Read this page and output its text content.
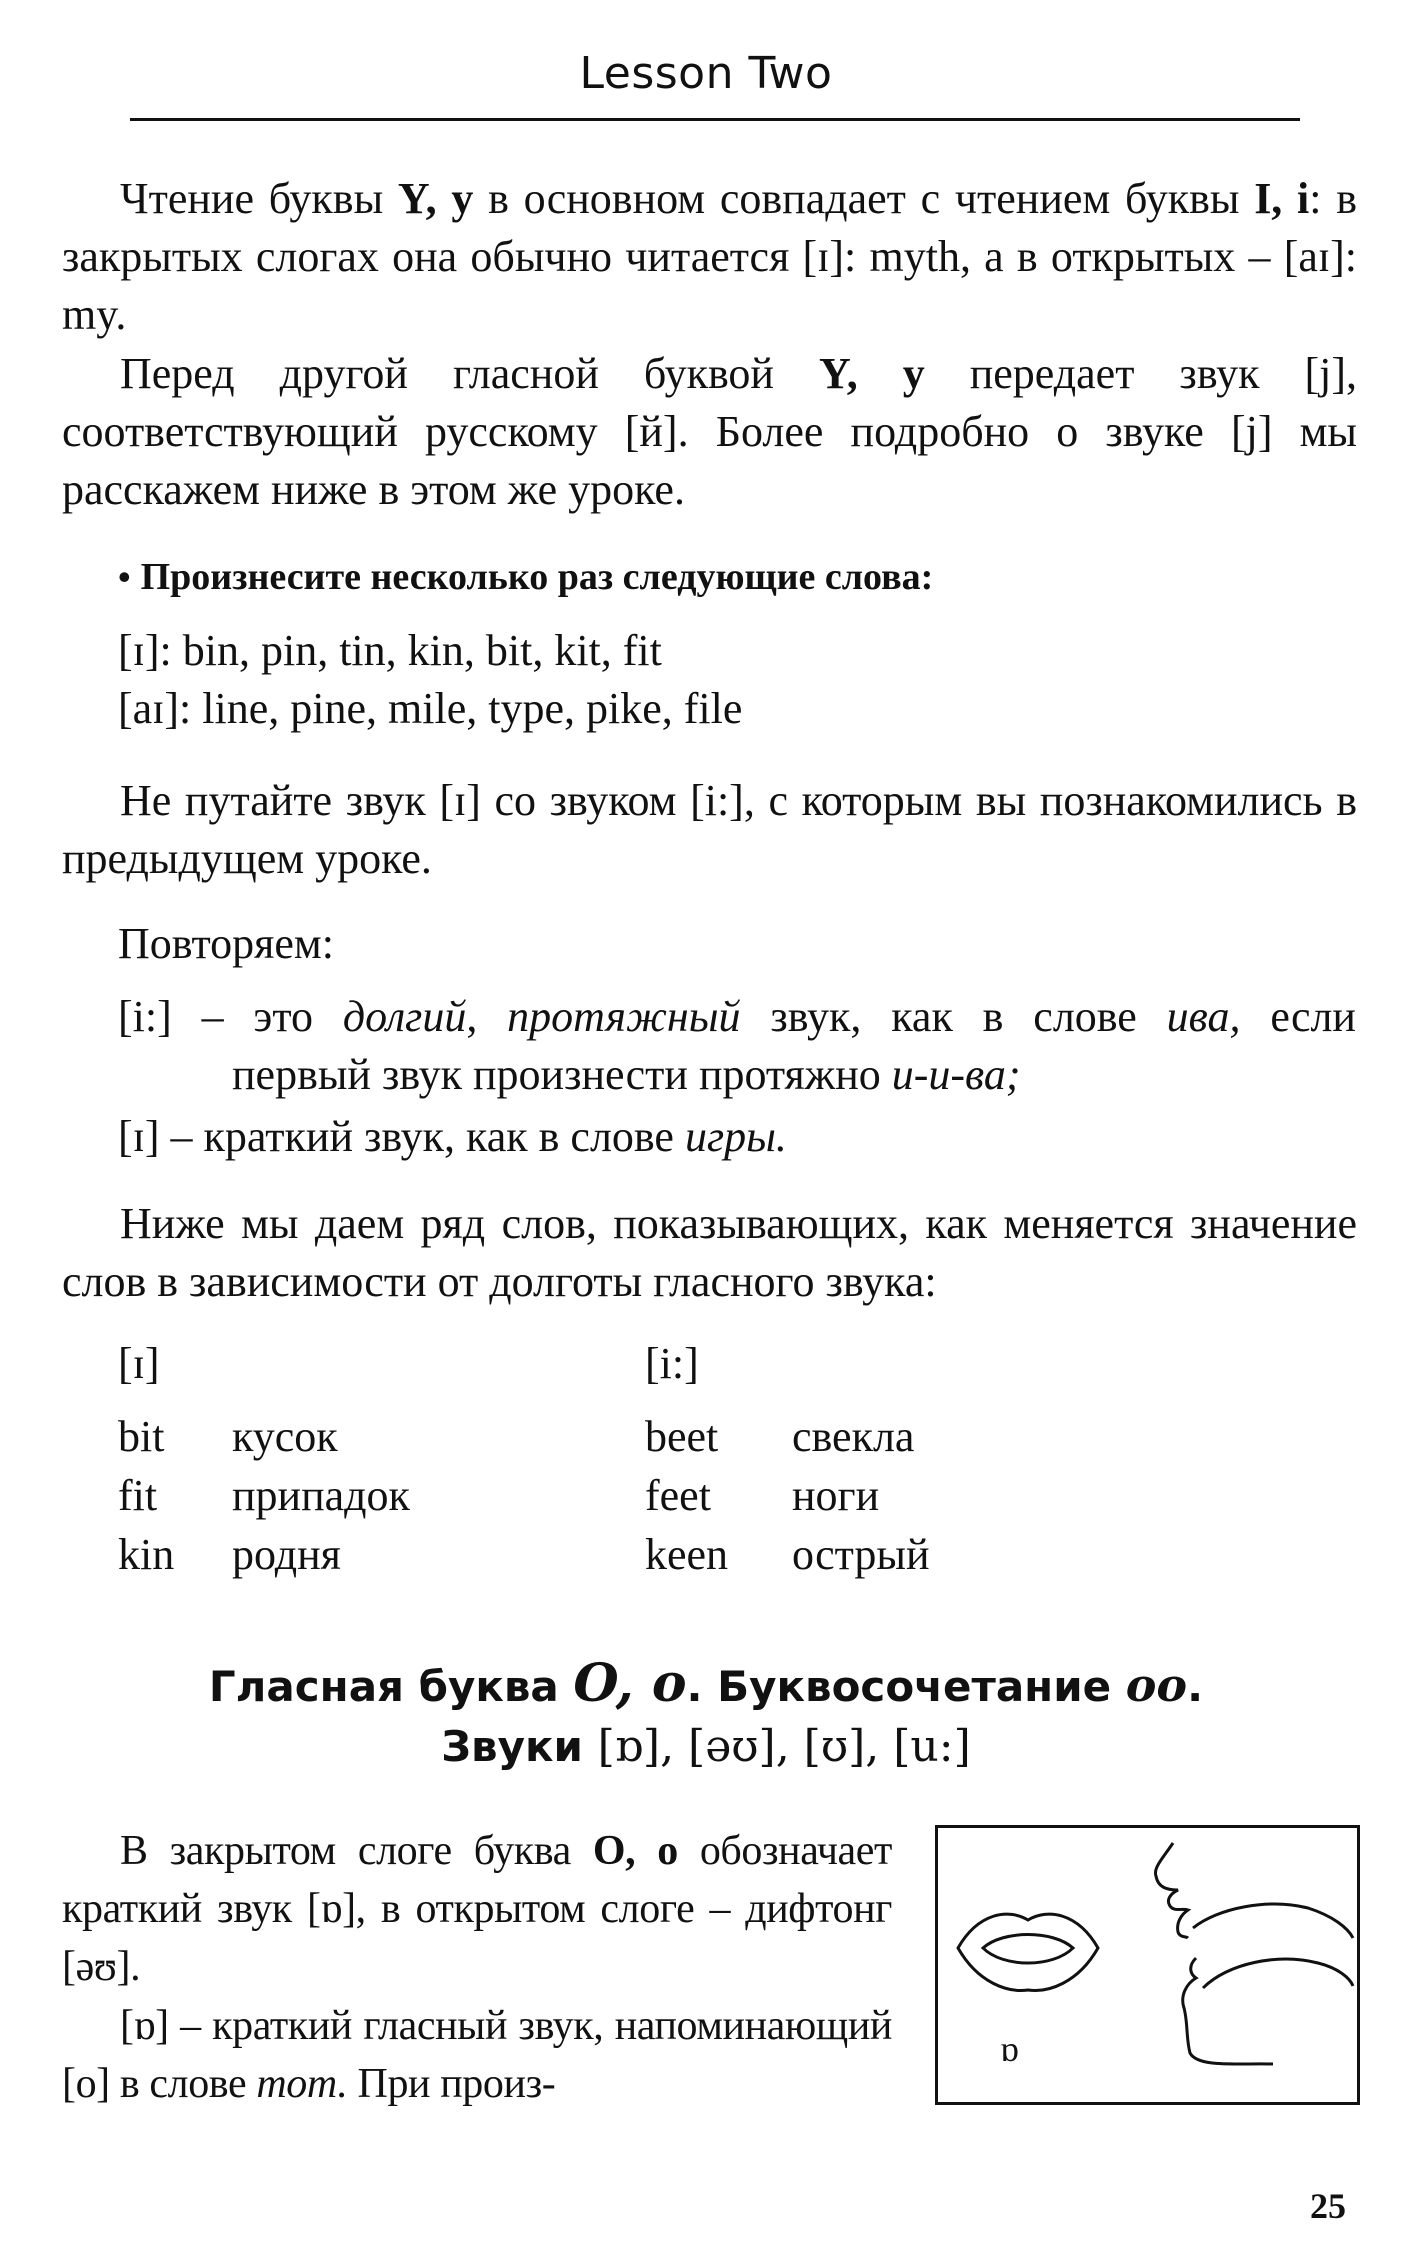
Lesson Two

Чтение буквы Y, y в основном совпадает с чтением буквы I, i: в закрытых слогах она обычно читается [ɪ]: myth, а в открытых – [aɪ]: my.

Перед другой гласной буквой Y, y передает звук [j], соответствующий русскому [й]. Более подробно о звуке [j] мы расскажем ниже в этом же уроке.

• Произнесите несколько раз следующие слова:
[ɪ]: bin, pin, tin, kin, bit, kit, fit
[aɪ]: line, pine, mile, type, pike, file

Не путайте звук [ɪ] со звуком [i:], с которым вы познакомились в предыдущем уроке.

Повторяем:
[i:] – это долгий, протяжный звук, как в слове ива, если
первый звук произнести протяжно и-и-ва;
[ɪ] – краткий звук, как в слове игры.

Ниже мы даем ряд слов, показывающих, как меняется значение слов в зависимости от долготы гласного звука:

[ɪ]	[i:]
bit кусок	beet свекла
fit припадок	feet ноги
kin родня	keen острый
Гласная буква O, o. Буквосочетание oo.
Звуки [ɒ], [əʊ], [ʊ], [u:]

В закрытом слоге буква O, o обозначает краткий звук [ɒ], в открытом слоге – дифтонг [əʊ].

[ɒ] – краткий гласный звук, напоминающий [o] в слове тот. При произ-

ɒ
25
